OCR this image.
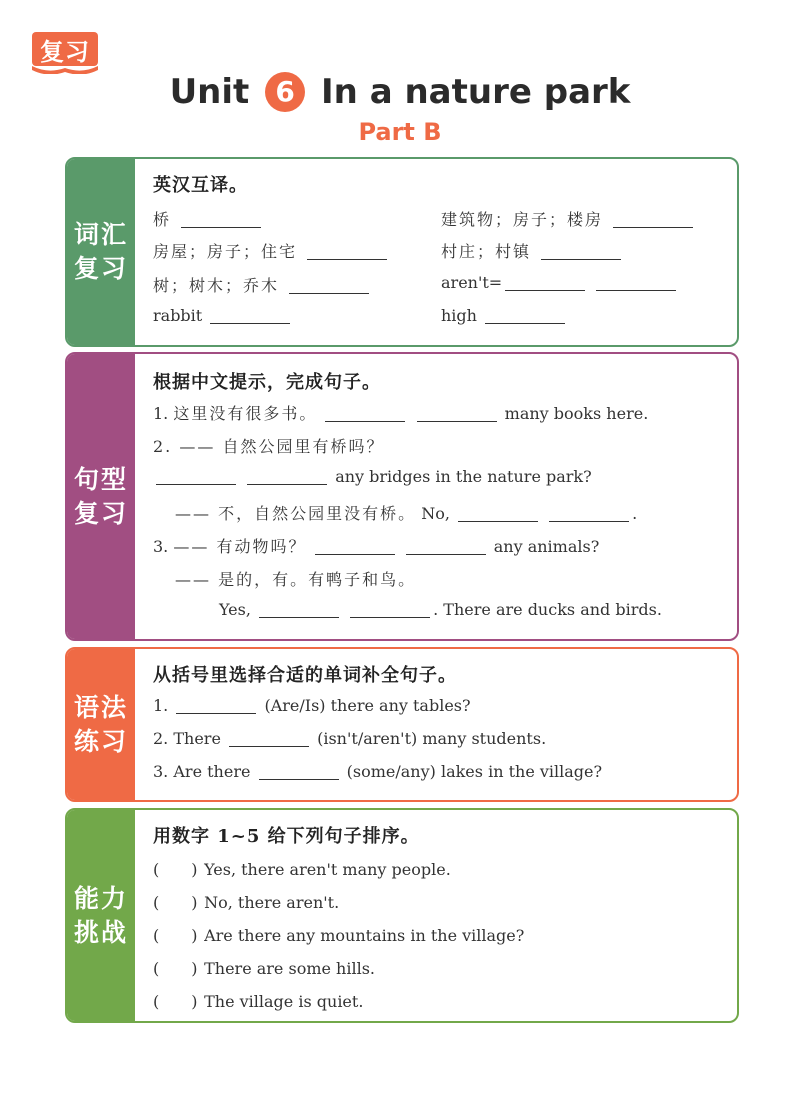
复习
Unit 6 In a nature park
Part B
词汇
复习
英汉互译。
桥	建筑物；房子；楼房
房屋；房子；住宅	村庄；村镇
树；树木；乔木	aren't=
rabbit	high
句型
复习
根据中文提示，完成句子。
1. 这里没有很多书。	many books here.
2. —— 自然公园里有桥吗？
any bridges in the nature park?
—— 不，自然公园里没有桥。 No,	.
3. —— 有动物吗？	any animals?
—— 是的，有。有鸭子和鸟。
Yes,	. There are ducks and birds.
语法
练习
从括号里选择合适的单词补全句子。
1.	(Are/Is) there any tables?
2. There	(isn't/aren't) many students.
3. Are there	(some/any) lakes in the village?
能力
挑战
用数字 1~5 给下列句子排序。
(　　) Yes, there aren't many people.
(　　) No, there aren't.
(　　) Are there any mountains in the village?
(　　) There are some hills.
(　　) The village is quiet.
